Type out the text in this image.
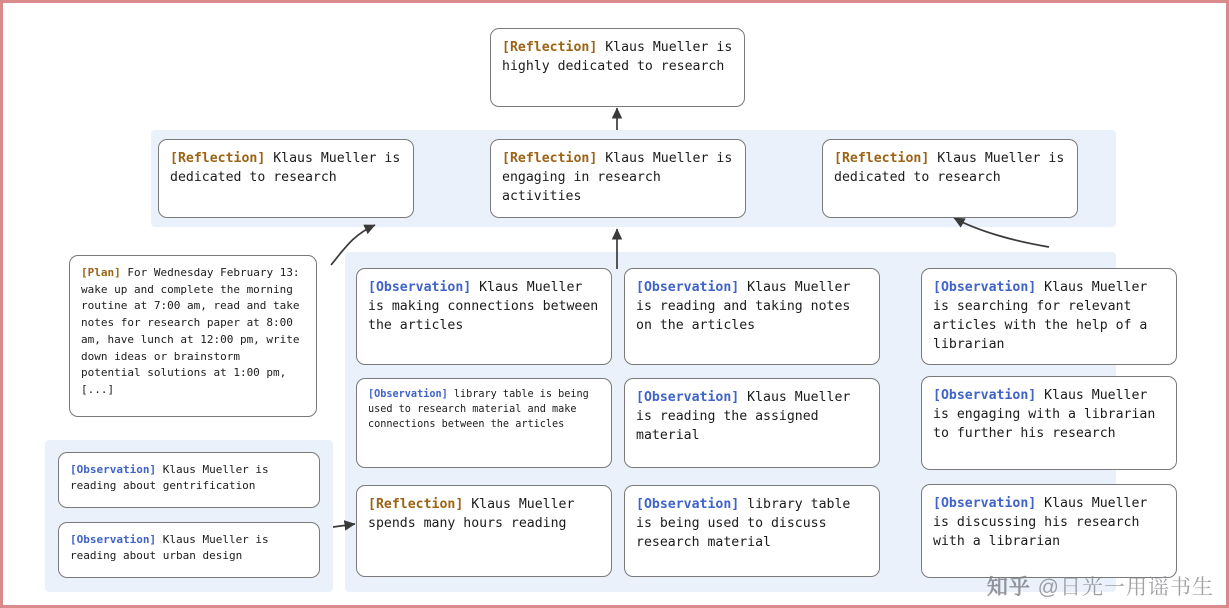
[Reflection] Klaus Mueller is highly dedicated to research
[Reflection] Klaus Mueller is dedicated to research
[Reflection] Klaus Mueller is engaging in research activities
[Reflection] Klaus Mueller is dedicated to research
[Plan] For Wednesday February 13: wake up and complete the morning routine at 7:00 am, read and take notes for research paper at 8:00 am, have lunch at 12:00 pm, write down ideas or brainstorm potential solutions at 1:00 pm, [...]
[Observation] Klaus Mueller is reading about gentrification
[Observation] Klaus Mueller is reading about urban design
[Observation] Klaus Mueller is making connections between the articles
[Observation] library table is being used to research material and make connections between the articles
[Reflection] Klaus Mueller spends many hours reading
[Observation] Klaus Mueller is reading and taking notes on the articles
[Observation] Klaus Mueller is reading the assigned material
[Observation] library table is being used to discuss research material
[Observation] Klaus Mueller is searching for relevant articles with the help of a librarian
[Observation] Klaus Mueller is engaging with a librarian to further his research
[Observation] Klaus Mueller is discussing his research with a librarian
知乎 @日光一用谣书生
